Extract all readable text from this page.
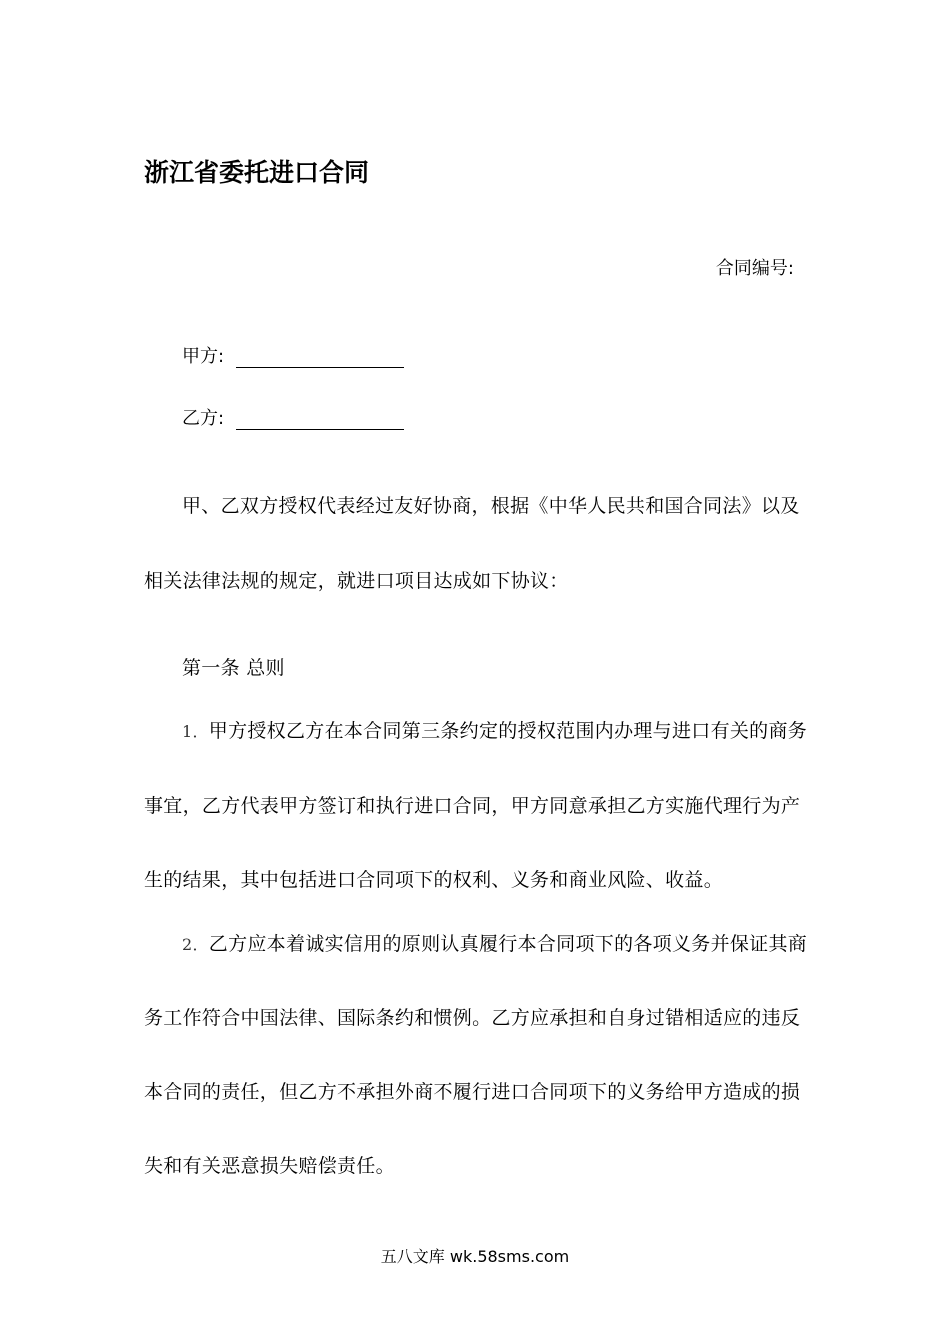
浙江省委托进口合同
合同编号:
甲方:
乙方:
甲、乙双方授权代表经过友好协商，根据《中华人民共和国合同法》以及
相关法律法规的规定，就进口项目达成如下协议：
第一条 总则
1．甲方授权乙方在本合同第三条约定的授权范围内办理与进口有关的商务
事宜，乙方代表甲方签订和执行进口合同，甲方同意承担乙方实施代理行为产
生的结果，其中包括进口合同项下的权利、义务和商业风险、收益。
2．乙方应本着诚实信用的原则认真履行本合同项下的各项义务并保证其商
务工作符合中国法律、国际条约和惯例。乙方应承担和自身过错相适应的违反
本合同的责任，但乙方不承担外商不履行进口合同项下的义务给甲方造成的损
失和有关恶意损失赔偿责任。
五八文库 wk.58sms.com
